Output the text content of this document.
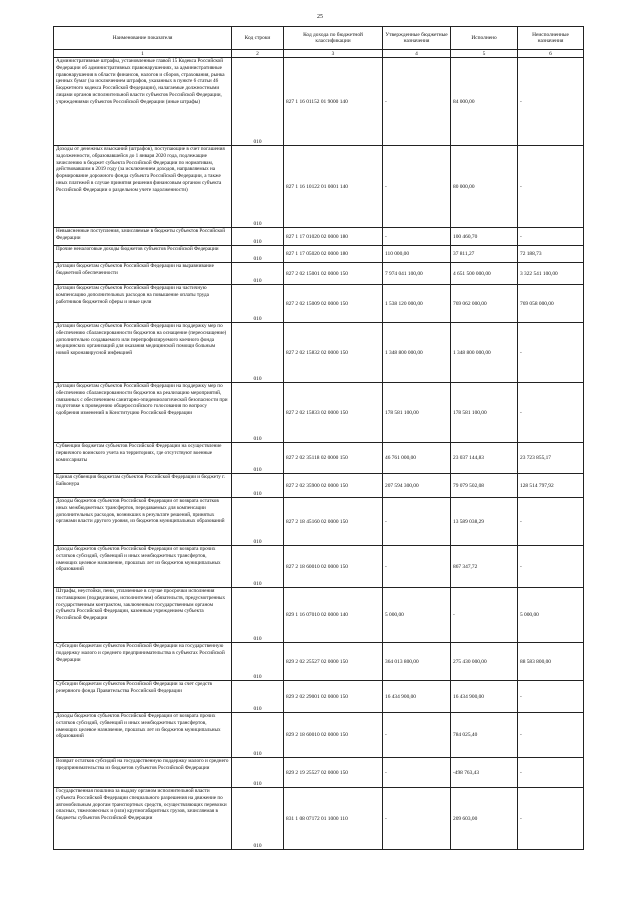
25
Наименование показателя	Код строки	Код дохода по бюджетной классификации	Утвержденные бюджетные назначения	Исполнено	Неисполненные назначения
1	2	3	4	5	6
Административные штрафы, установленные главой 15 Кодекса Российской Федерации об административных правонарушениях, за административные правонарушения в области финансов, налогов и сборов, страхования, рынка ценных бумаг (за исключением штрафов, указанных в пункте 6 статьи 46 Бюджетного кодекса Российской Федерации), налагаемые должностными лицами органов исполнительной власти субъектов Российской Федерации, учреждениями субъектов Российской Федерации (иные штрафы)	010	827 1 16 01152 01 9000 140	-	84 000,00	-
Доходы от денежных взысканий (штрафов), поступающие в счет погашения задолженности, образовавшейся до 1 января 2020 года, подлежащие зачислению в бюджет субъекта Российской Федерации по нормативам, действовавшим в 2019 году (за исключением доходов, направляемых на формирование дорожного фонда субъекта Российской Федерации, а также иных платежей в случае принятия решения финансовым органом субъекта Российской Федерации о раздельном учете задолженности)	010	827 1 16 10122 01 0001 140	-	80 000,00	-
Невыясненные поступления, зачисляемые в бюджеты субъектов Российской Федерации	010	827 1 17 01020 02 0000 180	-	100 460,70	-
Прочие неналоговые доходы бюджетов субъектов Российской Федерации	010	827 1 17 05020 02 0000 180	110 000,00	37 811,27	72 188,73
Дотации бюджетам субъектов Российской Федерации на выравнивание бюджетной обеспеченности	010	827 2 02 15001 02 0000 150	7 974 041 100,00	4 651 500 000,00	3 322 541 100,00
Дотации бюджетам субъектов Российской Федерации на частичную компенсацию дополнительных расходов на повышение оплаты труда работников бюджетной сферы и иные цели	010	827 2 02 15009 02 0000 150	1 538 120 000,00	769 062 000,00	769 058 000,00
Дотации бюджетам субъектов Российской Федерации на поддержку мер по обеспечению сбалансированности бюджетов на оснащение (переоснащение) дополнительно создаваемого или перепрофилируемого коечного фонда медицинских организаций для оказания медицинской помощи больным новой коронавирусной инфекцией	010	827 2 02 15832 02 0000 150	1 348 800 000,00	1 348 800 000,00	-
Дотации бюджетам субъектов Российской Федерации на поддержку мер по обеспечению сбалансированности бюджетов на реализацию мероприятий, связанных с обеспечением санитарно-эпидемиологической безопасности при подготовке к проведению общероссийского голосования по вопросу одобрения изменений в Конституцию Российской Федерации	010	827 2 02 15833 02 0000 150	178 581 100,00	178 581 100,00	-
Субвенции бюджетам субъектов Российской Федерации на осуществление первичного воинского учета на территориях, где отсутствуют военные комиссариаты	010	827 2 02 35118 02 0000 150	46 761 000,00	23 037 144,83	23 723 855,17
Единая субвенция бюджетам субъектов Российской Федерации и бюджету г. Байконура	010	827 2 02 35900 02 0000 150	207 594 300,00	79 079 502,08	128 514 797,92
Доходы бюджетов субъектов Российской Федерации от возврата остатков иных межбюджетных трансфертов, передаваемых для компенсации дополнительных расходов, возникших в результате решений, принятых органами власти другого уровня, из бюджетов муниципальных образований	010	827 2 18 45160 02 0000 150	-	13 589 038,29	-
Доходы бюджетов субъектов Российской Федерации от возврата прочих остатков субсидий, субвенций и иных межбюджетных трансфертов, имеющих целевое назначение, прошлых лет из бюджетов муниципальных образований	010	827 2 18 60010 02 0000 150	-	867 347,72	-
Штрафы, неустойки, пени, уплаченные в случае просрочки исполнения поставщиком (подрядчиком, исполнителем) обязательств, предусмотренных государственным контрактом, заключенным государственным органом субъекта Российской Федерации, казенным учреждением субъекта Российской Федерации	010	829 1 16 07010 02 0000 140	5 000,00	-	5 000,00
Субсидии бюджетам субъектов Российской Федерации на государственную поддержку малого и среднего предпринимательства в субъектах Российской Федерации	010	829 2 02 25527 02 0000 150	364 013 800,00	275 430 000,00	88 583 800,00
Субсидии бюджетам субъектов Российской Федерации за счет средств резервного фонда Правительства Российской Федерации	010	829 2 02 29001 02 0000 150	16 434 900,00	16 434 900,00	-
Доходы бюджетов субъектов Российской Федерации от возврата прочих остатков субсидий, субвенций и иных межбюджетных трансфертов, имеющих целевое назначение, прошлых лет из бюджетов муниципальных образований	010	829 2 18 60010 02 0000 150	-	784 025,40	-
Возврат остатков субсидий на государственную поддержку малого и среднего предпринимательства из бюджетов субъектов Российской Федерации	010	829 2 19 25527 02 0000 150	-	-498 763,43	-
Государственная пошлина за выдачу органом исполнительной власти субъекта Российской Федерации специального разрешения на движение по автомобильным дорогам транспортных средств, осуществляющих перевозки опасных, тяжеловесных и (или) крупногабаритных грузов, зачисляемая в бюджеты субъектов Российской Федерации	010	831 1 08 07172 01 1000 110	-	209 603,00	-
